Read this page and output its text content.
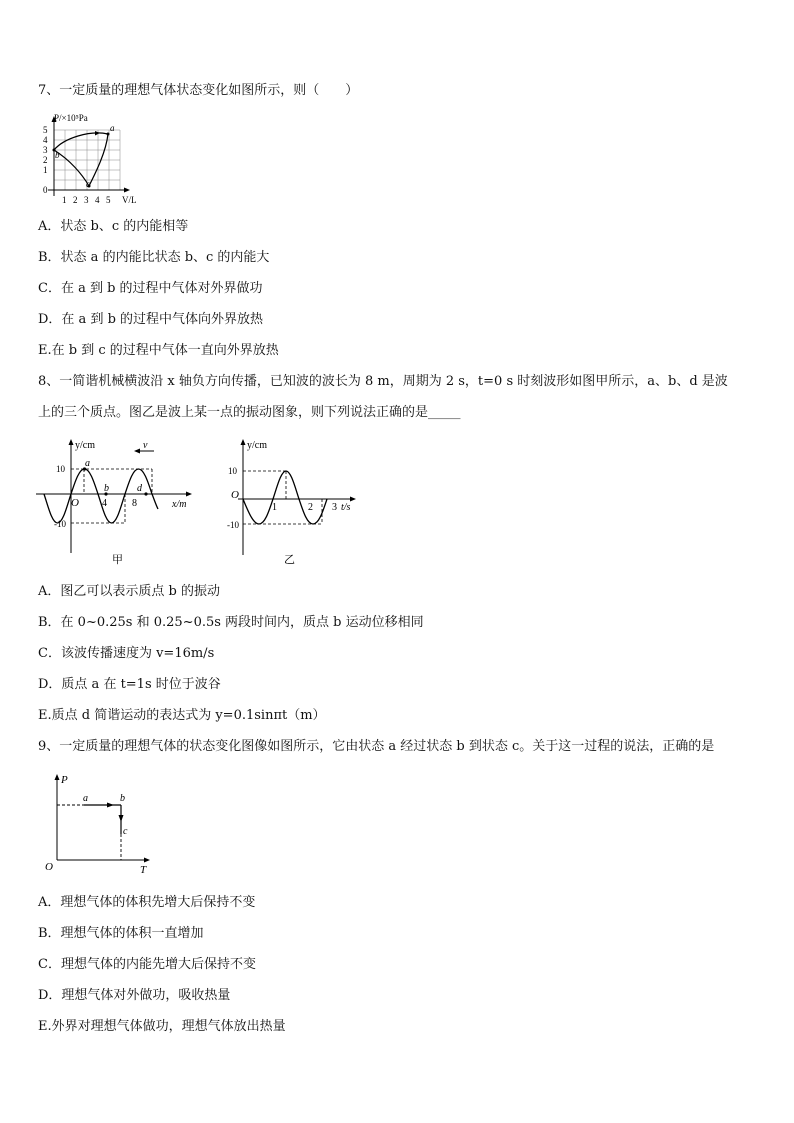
7、一定质量的理想气体状态变化如图所示，则（　　）
P/×10⁵Pa
a
b
c
5
4
3
2
1
0
1 2 3 4 5 V/L
A．状态 b、c 的内能相等
B．状态 a 的内能比状态 b、c 的内能大
C．在 a 到 b 的过程中气体对外界做功
D．在 a 到 b 的过程中气体向外界放热
E.在 b 到 c 的过程中气体一直向外界放热
8、一简谐机械横波沿 x 轴负方向传播，已知波的波长为 8 m，周期为 2 s，t=0 s 时刻波形如图甲所示，a、b、d 是波
上的三个质点。图乙是波上某一点的振动图象，则下列说法正确的是_____
y/cm	v
10
-10
O
a
b	d
4	8	x/m
甲
y/cm
10
-10
O
1	2 3 t/s
乙
A．图乙可以表示质点 b 的振动
B．在 0~0.25s 和 0.25~0.5s 两段时间内，质点 b 运动位移相同
C．该波传播速度为 v=16m/s
D．质点 a 在 t=1s 时位于波谷
E.质点 d 简谐运动的表达式为 y=0.1sinπt（m）
9、一定质量的理想气体的状态变化图像如图所示，它由状态 a 经过状态 b 到状态 c。关于这一过程的说法，正确的是
P
a	b
c
O	T
A．理想气体的体积先增大后保持不变
B．理想气体的体积一直增加
C．理想气体的内能先增大后保持不变
D．理想气体对外做功，吸收热量
E.外界对理想气体做功，理想气体放出热量
